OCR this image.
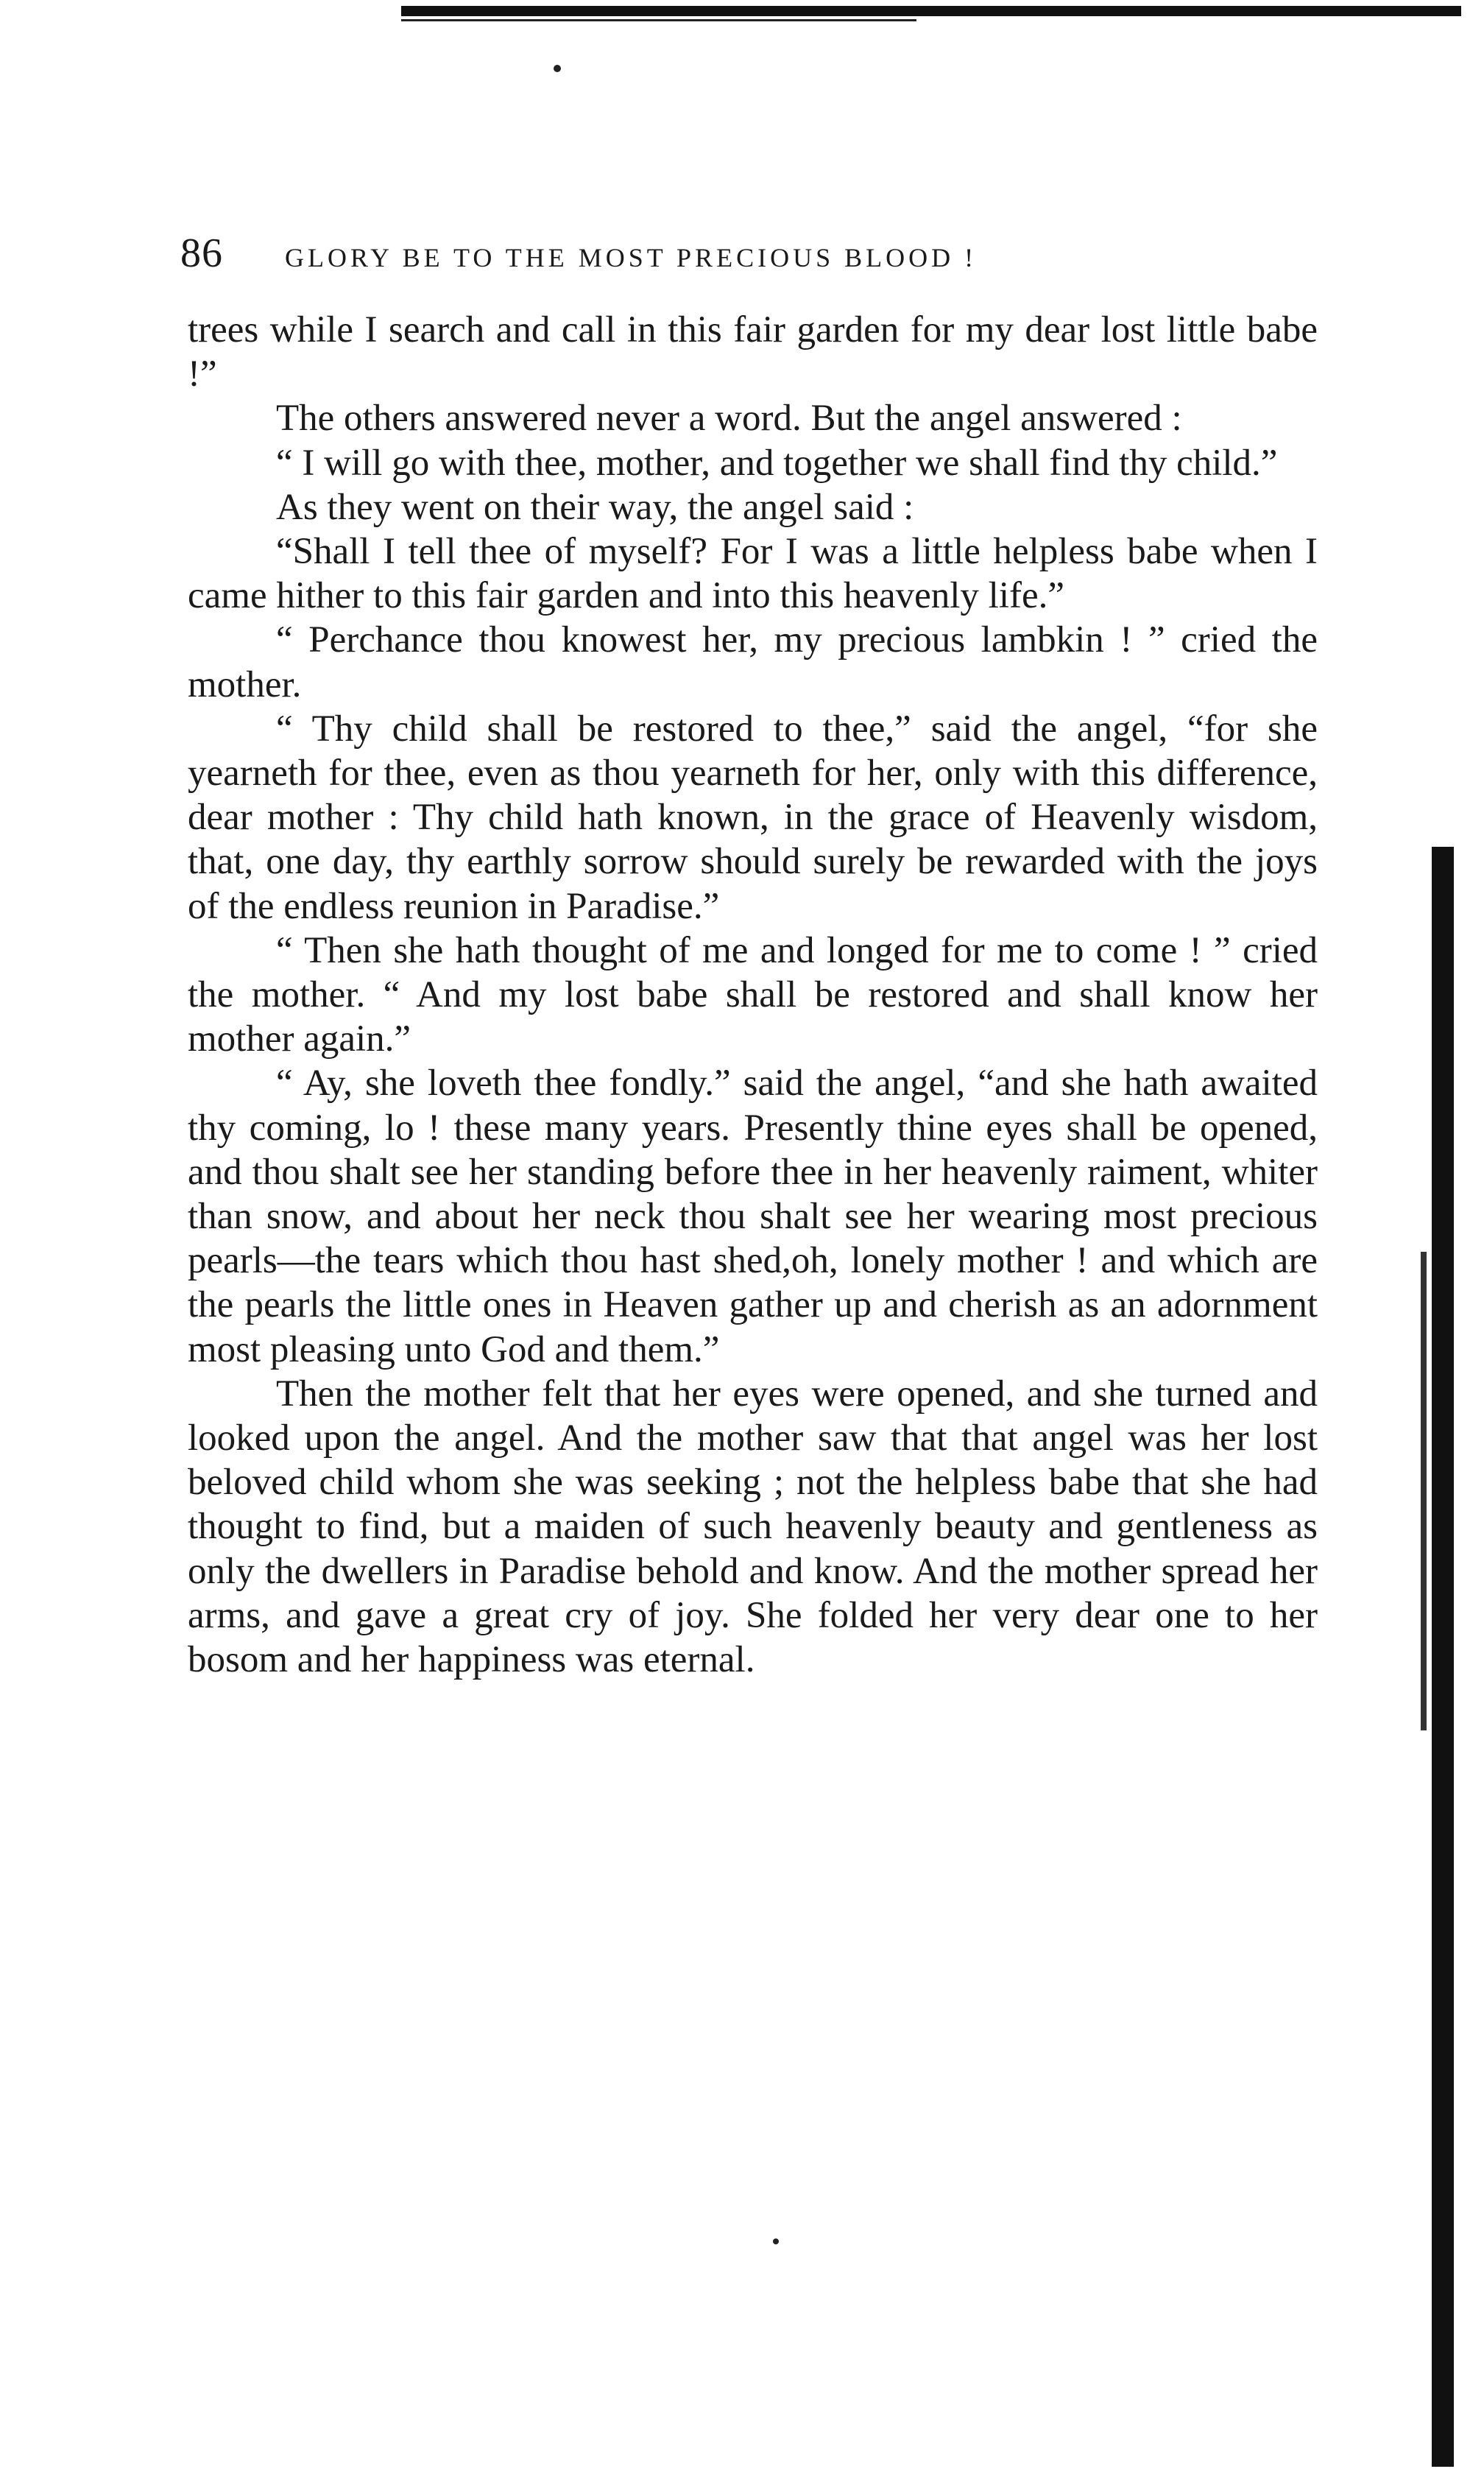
86 GLORY BE TO THE MOST PRECIOUS BLOOD !

trees while I search and call in this fair garden for my dear lost little babe !”

The others answered never a word. But the angel answered :

“ I will go with thee, mother, and together we shall find thy child.”

As they went on their way, the angel said :

“Shall I tell thee of myself? For I was a little helpless babe when I came hither to this fair garden and into this heavenly life.”

“ Perchance thou knowest her, my precious lambkin ! ” cried the mother.

“ Thy child shall be restored to thee,” said the angel, “for she yearneth for thee, even as thou yearneth for her, only with this difference, dear mother : Thy child hath known, in the grace of Heavenly wisdom, that, one day, thy earthly sorrow should surely be rewarded with the joys of the endless reunion in Paradise.”

“ Then she hath thought of me and longed for me to come ! ” cried the mother. “ And my lost babe shall be restored and shall know her mother again.”

“ Ay, she loveth thee fondly.” said the angel, “and she hath awaited thy coming, lo ! these many years. Presently thine eyes shall be opened, and thou shalt see her standing before thee in her heavenly raiment, whiter than snow, and about her neck thou shalt see her wearing most precious pearls—the tears which thou hast shed,oh, lonely mother ! and which are the pearls the little ones in Heaven gather up and cherish as an adornment most pleasing unto God and them.”

Then the mother felt that her eyes were opened, and she turned and looked upon the angel. And the mother saw that that angel was her lost beloved child whom she was seeking ; not the helpless babe that she had thought to find, but a maiden of such heavenly beauty and gentleness as only the dwellers in Paradise behold and know. And the mother spread her arms, and gave a great cry of joy. She folded her very dear one to her bosom and her happiness was eternal.
